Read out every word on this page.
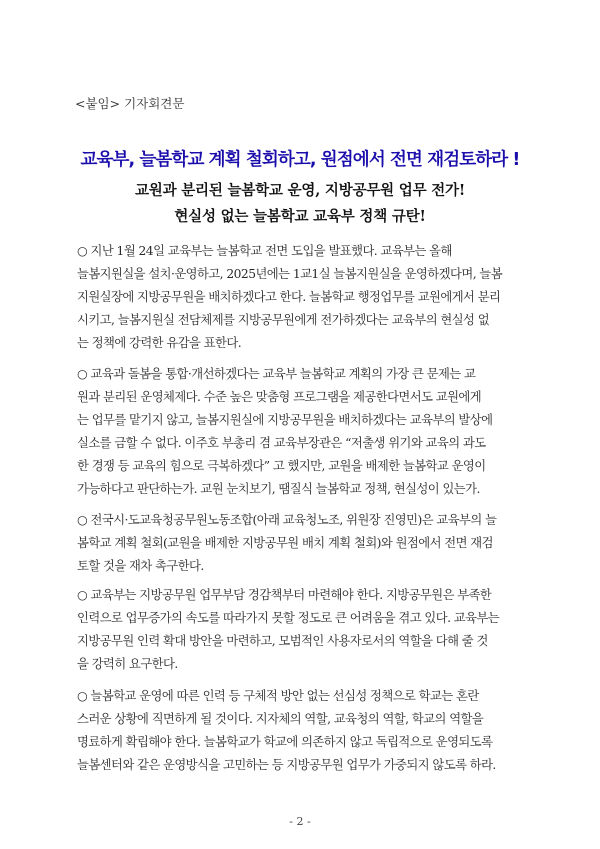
<붙임> 기자회견문
교육부, 늘봄학교 계획 철회하고, 원점에서 전면 재검토하라 !
교원과 분리된 늘봄학교 운영, 지방공무원 업무 전가!
현실성 없는 늘봄학교 교육부 정책 규탄!
○ 지난 1월 24일 교육부는 늘봄학교 전면 도입을 발표했다. 교육부는 올해
늘봄지원실을 설치·운영하고, 2025년에는 1교1실 늘봄지원실을 운영하겠다며, 늘봄
지원실장에 지방공무원을 배치하겠다고 한다. 늘봄학교 행정업무를 교원에게서 분리
시키고, 늘봄지원실 전담체제를 지방공무원에게 전가하겠다는 교육부의 현실성 없
는 정책에 강력한 유감을 표한다.
○ 교육과 돌봄을 통합·개선하겠다는 교육부 늘봄학교 계획의 가장 큰 문제는 교
원과 분리된 운영체제다. 수준 높은 맞춤형 프로그램을 제공한다면서도 교원에게
는 업무를 맡기지 않고, 늘봄지원실에 지방공무원을 배치하겠다는 교육부의 발상에
실소를 금할 수 없다. 이주호 부총리 겸 교육부장관은 “저출생 위기와 교육의 과도
한 경쟁 등 교육의 힘으로 극복하겠다” 고 했지만, 교원을 배제한 늘봄학교 운영이
가능하다고 판단하는가. 교원 눈치보기, 땜질식 늘봄학교 정책, 현실성이 있는가.
○ 전국시·도교육청공무원노동조합(아래 교육청노조, 위원장 진영민)은 교육부의 늘
봄학교 계획 철회(교원을 배제한 지방공무원 배치 계획 철회)와 원점에서 전면 재검
토할 것을 재차 촉구한다.
○ 교육부는 지방공무원 업무부담 경감책부터 마련해야 한다. 지방공무원은 부족한
인력으로 업무증가의 속도를 따라가지 못할 정도로 큰 어려움을 겪고 있다. 교육부는
지방공무원 인력 확대 방안을 마련하고, 모범적인 사용자로서의 역할을 다해 줄 것
을 강력히 요구한다.
○ 늘봄학교 운영에 따른 인력 등 구체적 방안 없는 선심성 정책으로 학교는 혼란
스러운 상황에 직면하게 될 것이다. 지자체의 역할, 교육청의 역할, 학교의 역할을
명료하게 확립해야 한다. 늘봄학교가 학교에 의존하지 않고 독립적으로 운영되도록
늘봄센터와 같은 운영방식을 고민하는 등 지방공무원 업무가 가중되지 않도록 하라.
- 2 -
